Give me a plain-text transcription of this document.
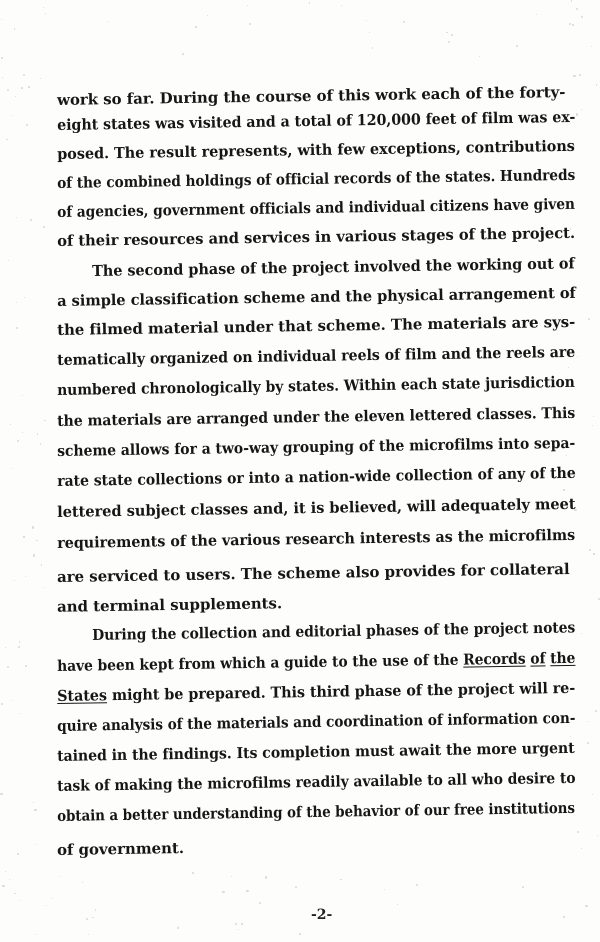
work so far. During the course of this work each of the forty-
eight states was visited and a total of 120,000 feet of film was ex-
posed. The result represents, with few exceptions, contributions
of the combined holdings of official records of the states. Hundreds
of agencies, government officials and individual citizens have given
of their resources and services in various stages of the project.
The second phase of the project involved the working out of
a simple classification scheme and the physical arrangement of
the filmed material under that scheme. The materials are sys-
tematically organized on individual reels of film and the reels are
numbered chronologically by states. Within each state jurisdiction
the materials are arranged under the eleven lettered classes. This
scheme allows for a two-way grouping of the microfilms into sepa-
rate state collections or into a nation-wide collection of any of the
lettered subject classes and, it is believed, will adequately meet
requirements of the various research interests as the microfilms
are serviced to users. The scheme also provides for collateral
and terminal supplements.
During the collection and editorial phases of the project notes
have been kept from which a guide to the use of the Records of the
States might be prepared. This third phase of the project will re-
quire analysis of the materials and coordination of information con-
tained in the findings. Its completion must await the more urgent
task of making the microfilms readily available to all who desire to
obtain a better understanding of the behavior of our free institutions
of government.
-2-
